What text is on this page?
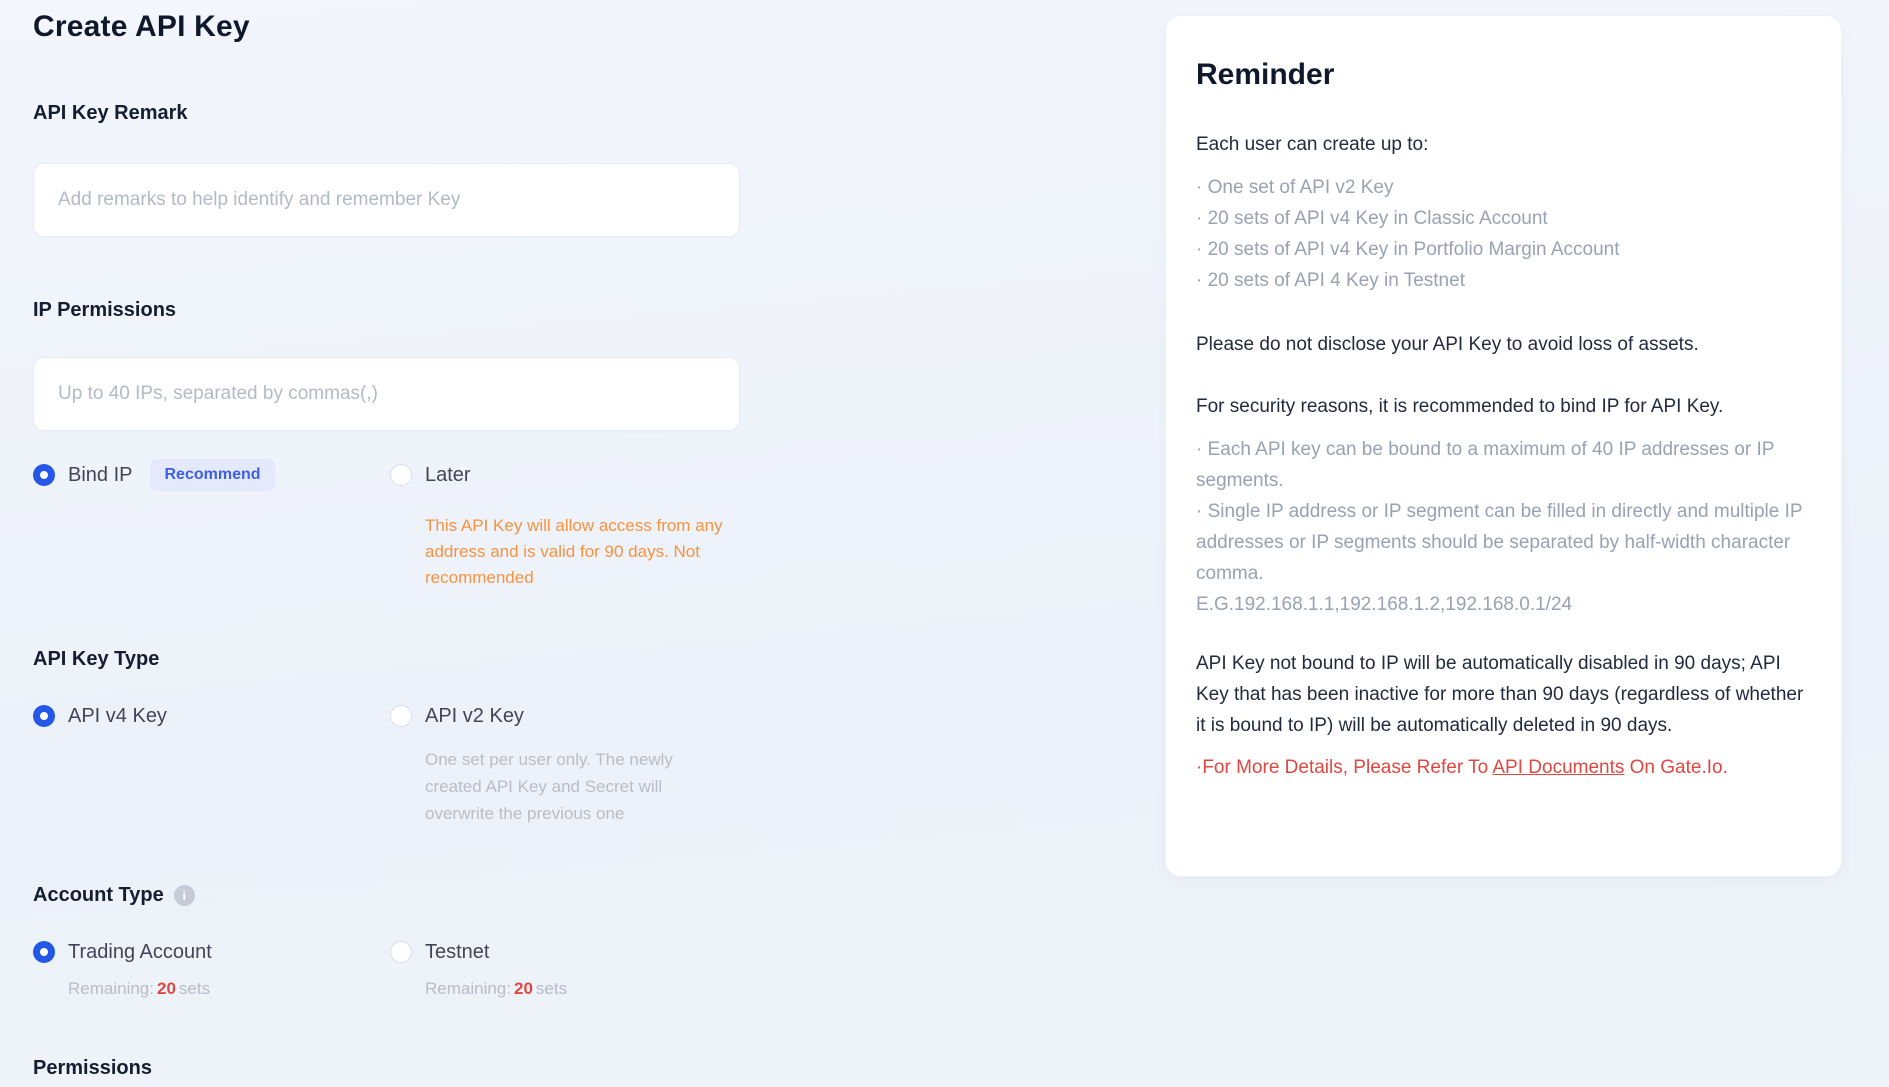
Create API Key
API Key Remark
Add remarks to help identify and remember Key
IP Permissions
Up to 40 IPs, separated by commas(,)
Bind IP	Recommend	Later
This API Key will allow access from any address and is valid for 90 days. Not recommended
API Key Type
API v4 Key	API v2 Key
One set per user only. The newly created API Key and Secret will overwrite the previous one
Account Type	i
Trading Account
Remaining: 20 sets
Testnet
Remaining: 20 sets
Permissions
Reminder
Each user can create up to:
· One set of API v2 Key
· 20 sets of API v4 Key in Classic Account
· 20 sets of API v4 Key in Portfolio Margin Account
· 20 sets of API 4 Key in Testnet
Please do not disclose your API Key to avoid loss of assets.
For security reasons, it is recommended to bind IP for API Key.
· Each API key can be bound to a maximum of 40 IP addresses or IP segments.
· Single IP address or IP segment can be filled in directly and multiple IP addresses or IP segments should be separated by half-width character comma.
E.G.192.168.1.1,192.168.1.2,192.168.0.1/24
API Key not bound to IP will be automatically disabled in 90 days; API Key that has been inactive for more than 90 days (regardless of whether it is bound to IP) will be automatically deleted in 90 days.
·For More Details, Please Refer To API Documents On Gate.Io.
